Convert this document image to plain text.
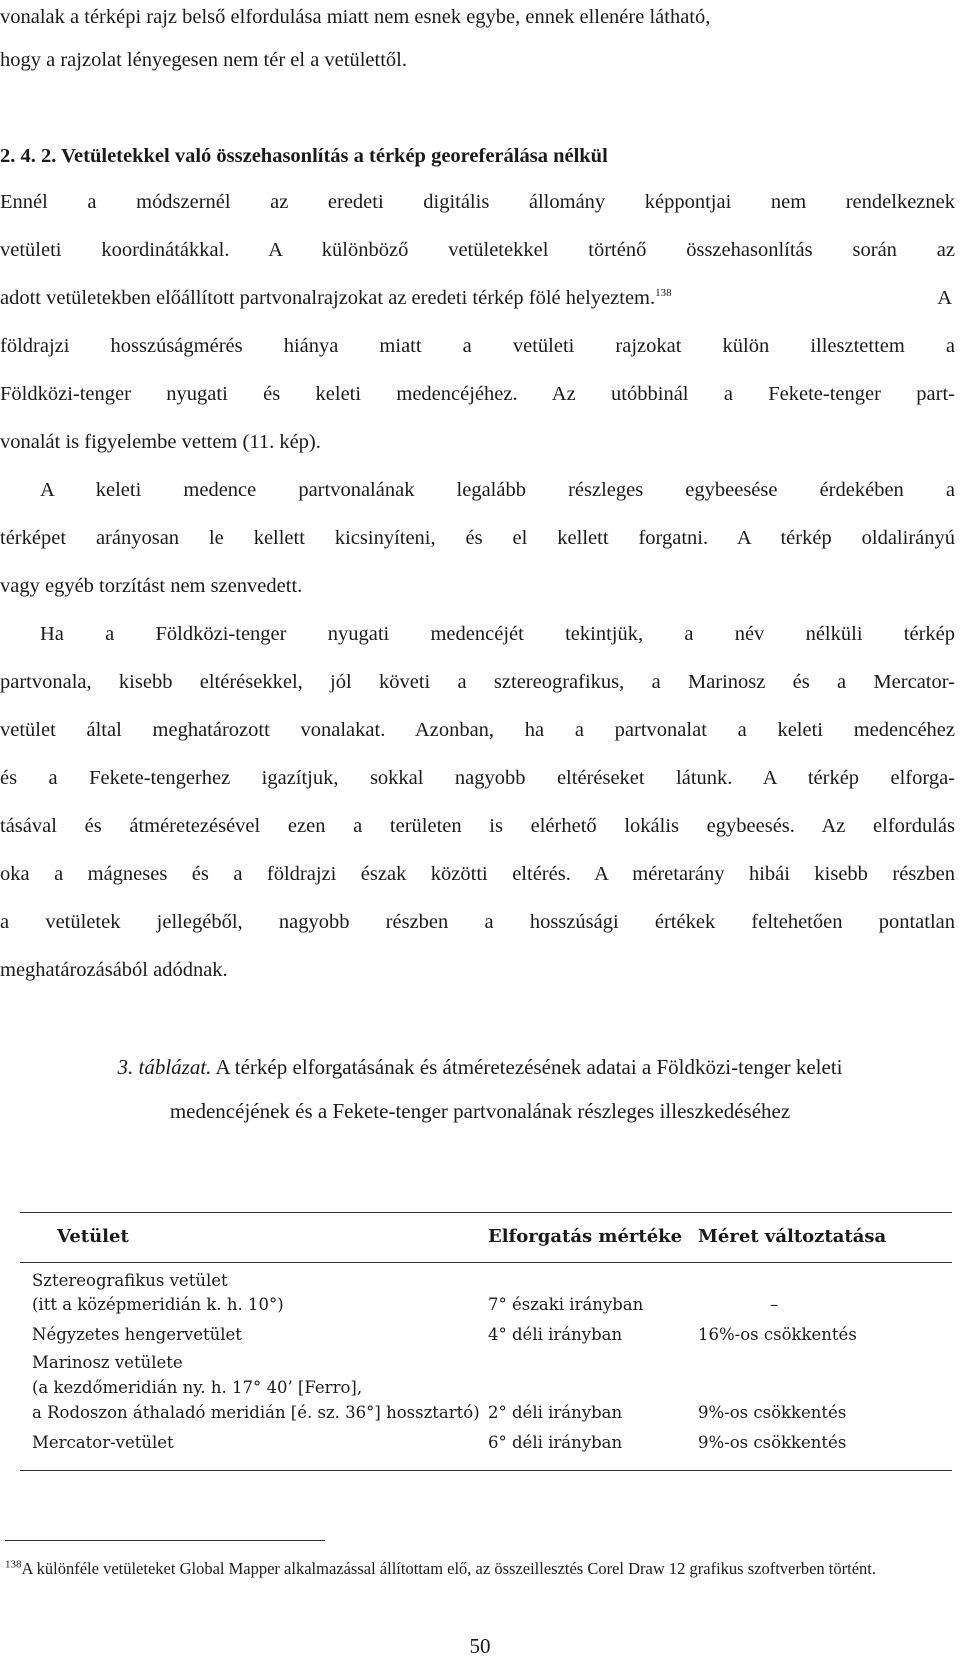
vonalak a térképi rajz belső elfordulása miatt nem esnek egybe, ennek ellenére látható,
hogy a rajzolat lényegesen nem tér el a vetülettől.
2. 4. 2. Vetületekkel való összehasonlítás a térkép georeferálása nélkül
Ennél a módszernél az eredeti digitális állomány képpontjai nem rendelkeznek
vetületi koordinátákkal. A különböző vetületekkel történő összehasonlítás során az
adott vetületekben előállított partvonalrajzokat az eredeti térkép fölé helyeztem.$^{138}$	A
földrajzi hosszúságmérés hiánya miatt a vetületi rajzokat külön illesztettem a
Földközi-tenger nyugati és keleti medencéjéhez. Az utóbbinál a Fekete-tenger part-
vonalát is figyelembe vettem (11. kép).
A keleti medence partvonalának legalább részleges egybeesése érdekében a
térképet arányosan le kellett kicsinyíteni, és el kellett forgatni. A térkép oldalirányú
vagy egyéb torzítást nem szenvedett.
Ha a Földközi-tenger nyugati medencéjét tekintjük, a név nélküli térkép
partvonala, kisebb eltérésekkel, jól követi a sztereografikus, a Marinosz és a Mercator-
vetület által meghatározott vonalakat. Azonban, ha a partvonalat a keleti medencéhez
és a Fekete-tengerhez igazítjuk, sokkal nagyobb eltéréseket látunk. A térkép elforga-
tásával és átméretezésével ezen a területen is elérhető lokális egybeesés. Az elfordulás
oka a mágneses és a földrajzi észak közötti eltérés. A méretarány hibái kisebb részben
a vetületek jellegéből, nagyobb részben a hosszúsági értékek feltehetően pontatlan
meghatározásából adódnak.
3. táblázat. A térkép elforgatásának és átméretezésének adatai a Földközi-tenger keleti
medencéjének és a Fekete-tenger partvonalának részleges illeszkedéséhez
Vetület	Elforgatás mértéke Méret változtatása
Sztereografikus vetület
(itt a középmeridián k. h. 10°)	7° északi irányban	–
Négyzetes hengervetület	4° déli irányban	16%-os csökkentés
Marinosz vetülete
(a kezdőmeridián ny. h. 17° 40’ [Ferro],
a Rodoszon áthaladó meridián [é. sz. 36°] hossztartó) 2° déli irányban	9%-os csökkentés
Mercator-vetület	6° déli irányban	9%-os csökkentés
$^{138}$A különféle vetületeket Global Mapper alkalmazással állítottam elő, az összeillesztés Corel Draw 12 grafikus szoftverben történt.
50
